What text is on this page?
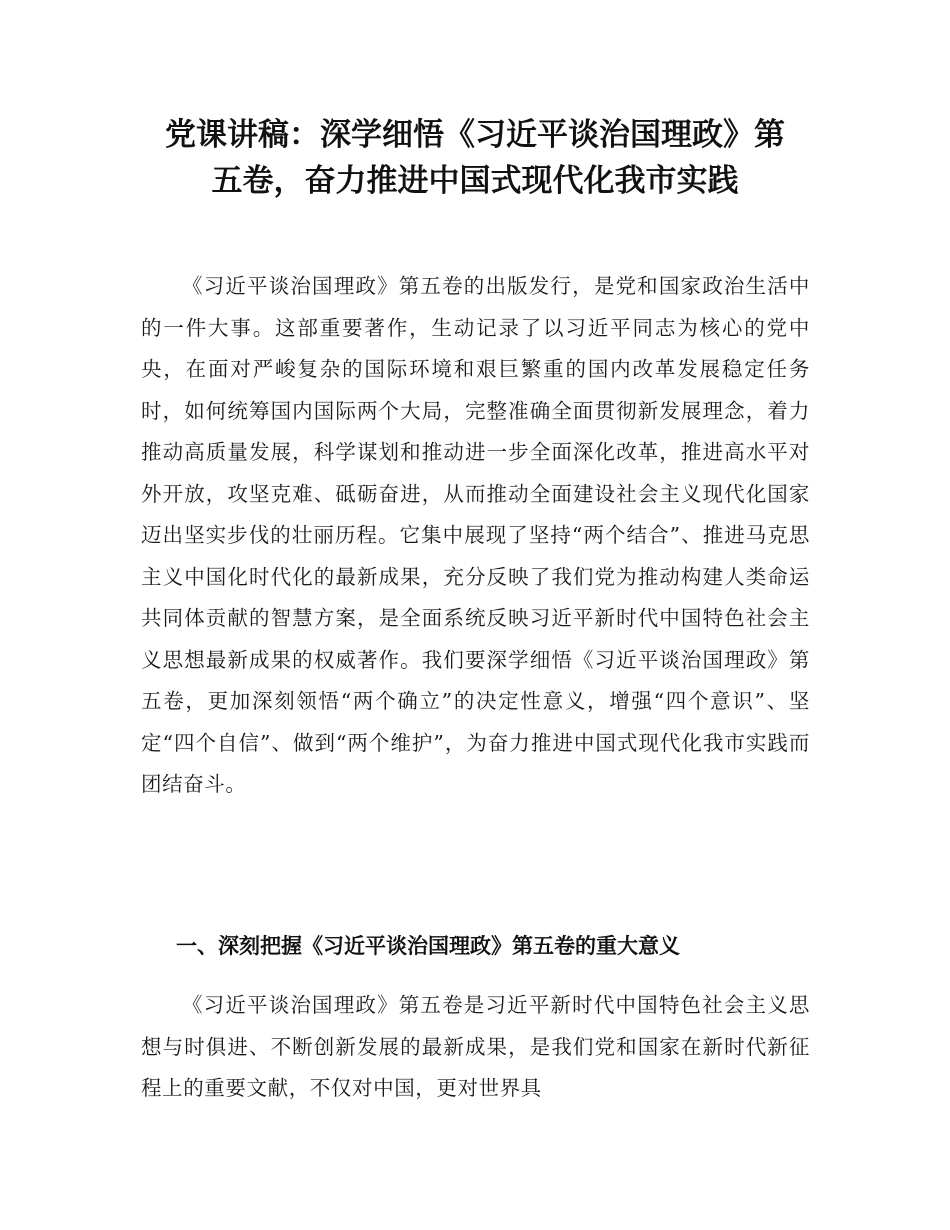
党课讲稿：深学细悟《习近平谈治国理政》第
五卷，奋力推进中国式现代化我市实践

《习近平谈治国理政》第五卷的出版发行，是党和国家政治生活中的一件大事。这部重要著作，生动记录了以习近平同志为核心的党中央，在面对严峻复杂的国际环境和艰巨繁重的国内改革发展稳定任务时，如何统筹国内国际两个大局，完整准确全面贯彻新发展理念，着力推动高质量发展，科学谋划和推动进一步全面深化改革，推进高水平对外开放，攻坚克难、砥砺奋进，从而推动全面建设社会主义现代化国家迈出坚实步伐的壮丽历程。它集中展现了坚持“两个结合”、推进马克思主义中国化时代化的最新成果，充分反映了我们党为推动构建人类命运共同体贡献的智慧方案，是全面系统反映习近平新时代中国特色社会主义思想最新成果的权威著作。我们要深学细悟《习近平谈治国理政》第五卷，更加深刻领悟“两个确立”的决定性意义，增强“四个意识”、坚定“四个自信”、做到“两个维护”，为奋力推进中国式现代化我市实践而团结奋斗。

一、深刻把握《习近平谈治国理政》第五卷的重大意义

《习近平谈治国理政》第五卷是习近平新时代中国特色社会主义思想与时俱进、不断创新发展的最新成果，是我们党和国家在新时代新征程上的重要文献，不仅对中国，更对世界具
